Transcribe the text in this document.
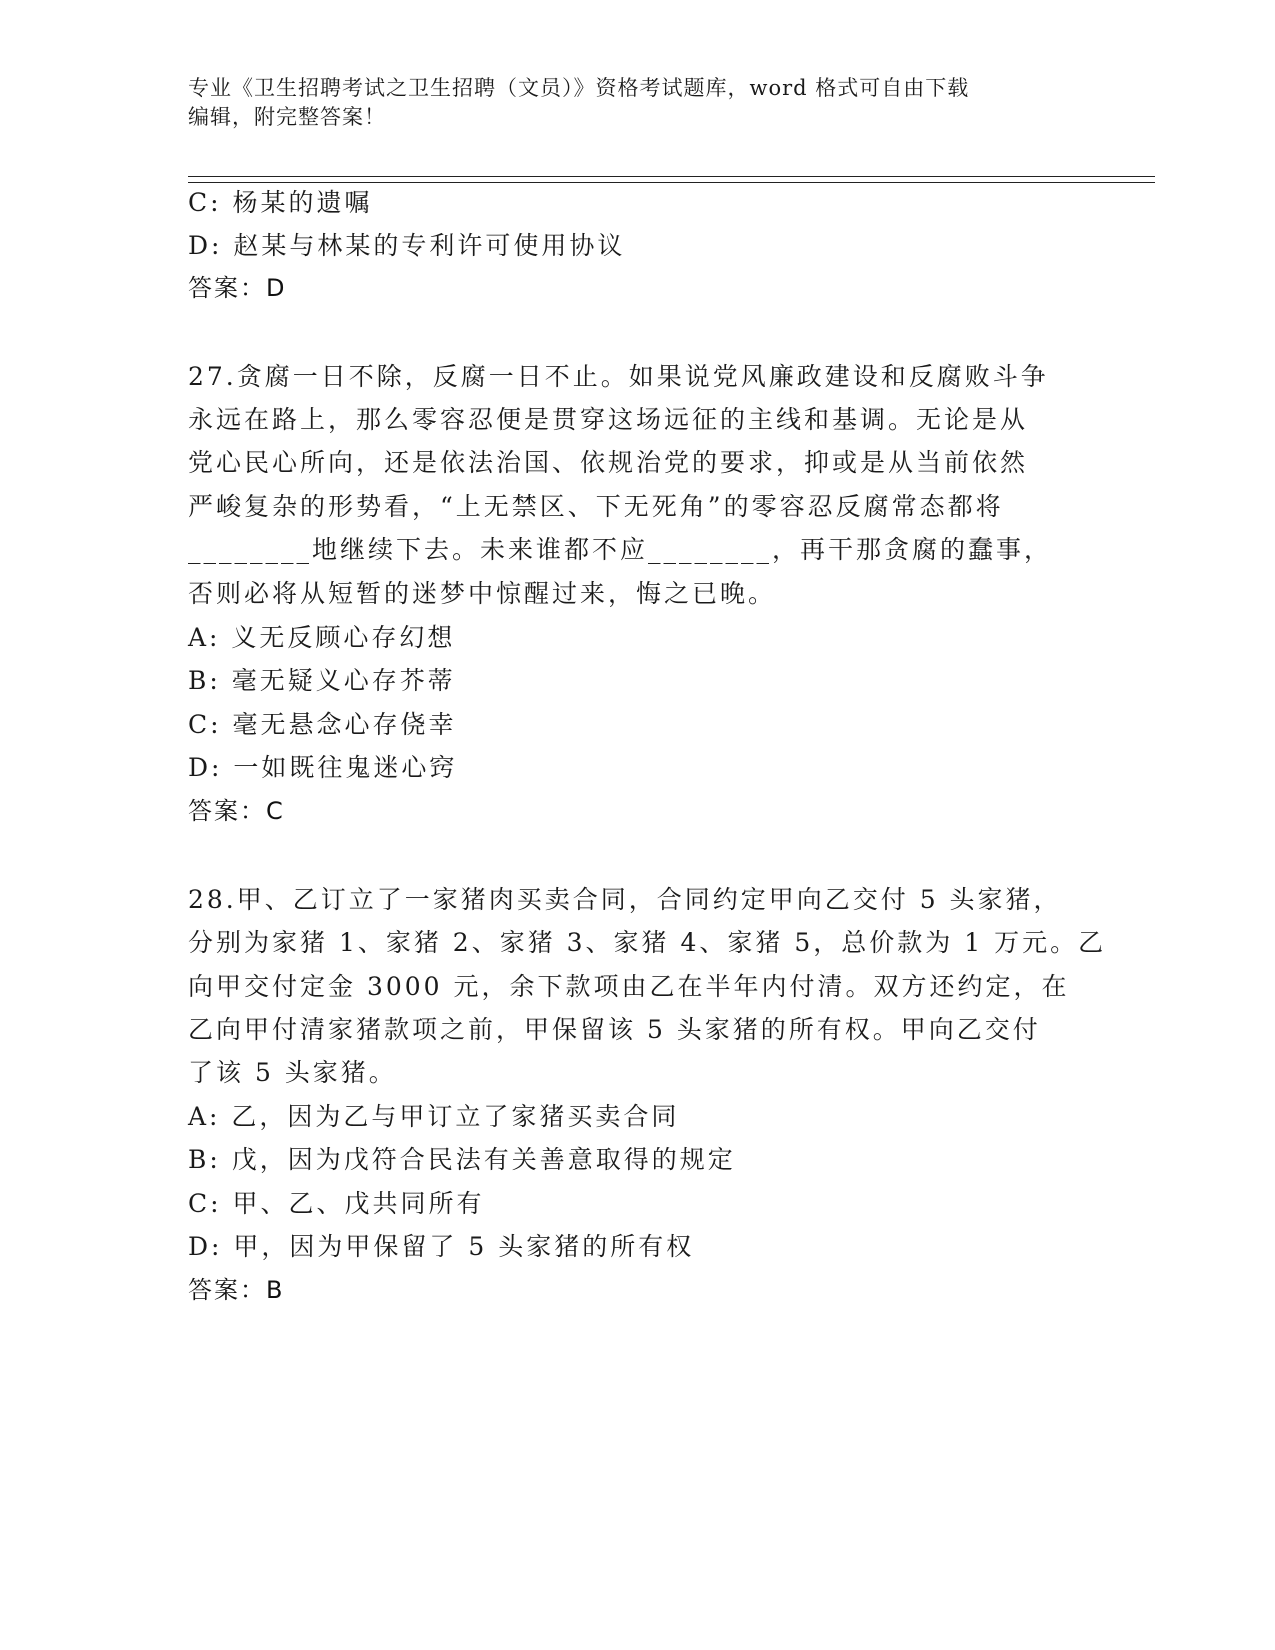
专业《卫生招聘考试之卫生招聘（文员）》资格考试题库，word 格式可自由下载
编辑，附完整答案！
C: 杨某的遗嘱
D: 赵某与林某的专利许可使用协议
答案：D
27.贪腐一日不除，反腐一日不止。如果说党风廉政建设和反腐败斗争
永远在路上，那么零容忍便是贯穿这场远征的主线和基调。无论是从
党心民心所向，还是依法治国、依规治党的要求，抑或是从当前依然
严峻复杂的形势看，“上无禁区、下无死角”的零容忍反腐常态都将
________地继续下去。未来谁都不应________，再干那贪腐的蠢事，
否则必将从短暂的迷梦中惊醒过来，悔之已晚。
A: 义无反顾心存幻想
B: 毫无疑义心存芥蒂
C: 毫无悬念心存侥幸
D: 一如既往鬼迷心窍
答案：C
28.甲、乙订立了一家猪肉买卖合同，合同约定甲向乙交付 5 头家猪，
分别为家猪 1、家猪 2、家猪 3、家猪 4、家猪 5，总价款为 1 万元。乙
向甲交付定金 3000 元，余下款项由乙在半年内付清。双方还约定，在
乙向甲付清家猪款项之前，甲保留该 5 头家猪的所有权。甲向乙交付
了该 5 头家猪。
A: 乙，因为乙与甲订立了家猪买卖合同
B: 戊，因为戊符合民法有关善意取得的规定
C: 甲、乙、戊共同所有
D: 甲，因为甲保留了 5 头家猪的所有权
答案：B
